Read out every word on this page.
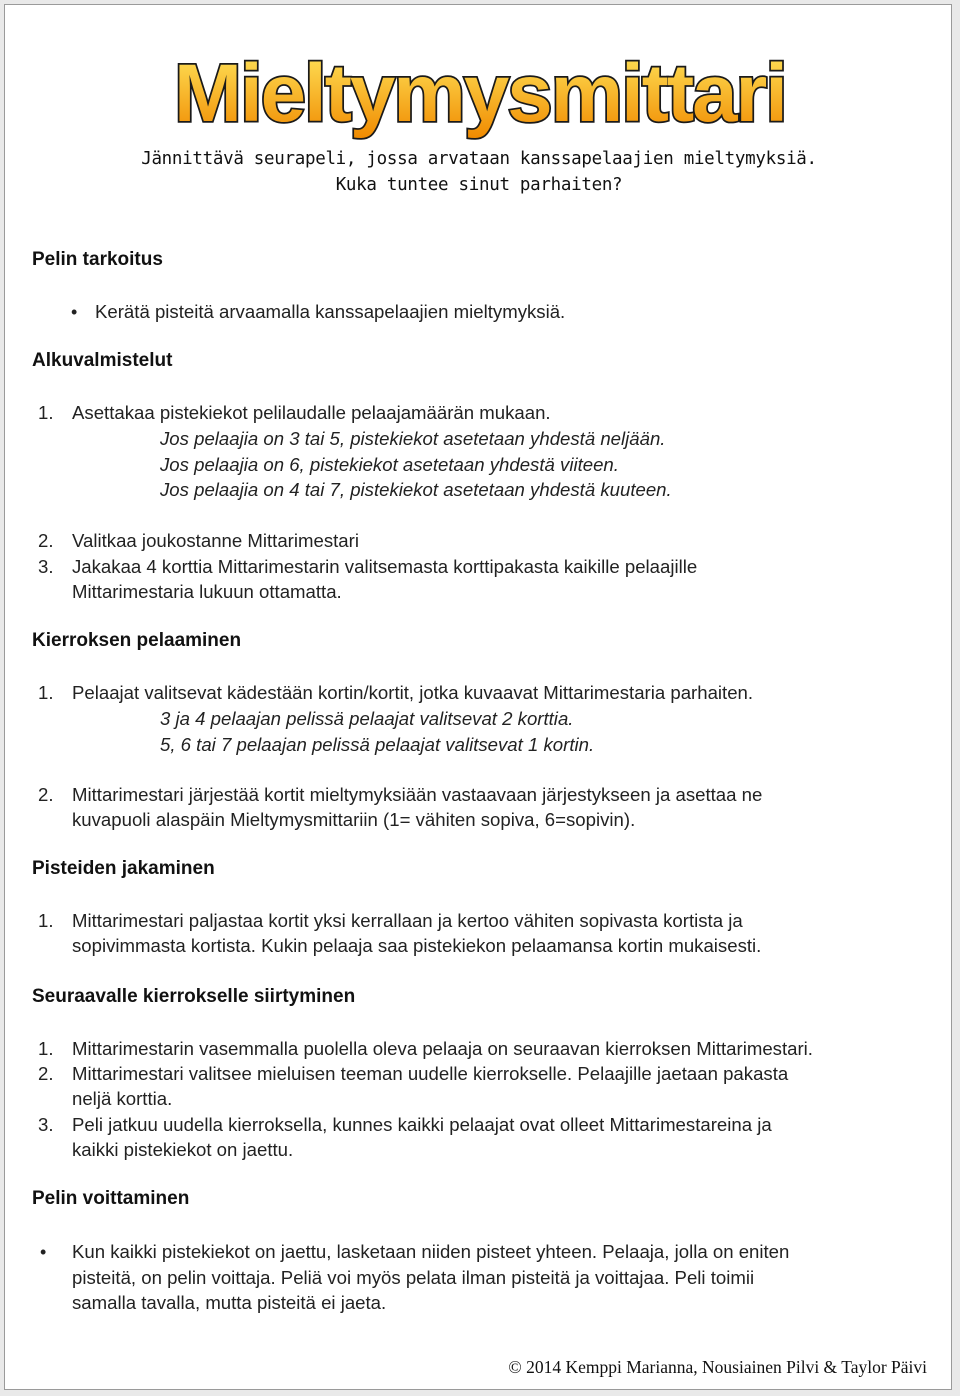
Mieltymysmittari
Jännittävä seurapeli, jossa arvataan kanssapelaajien mieltymyksiä.
Kuka tuntee sinut parhaiten?
Pelin tarkoitus
• Kerätä pisteitä arvaamalla kanssapelaajien mieltymyksiä.
Alkuvalmistelut
1. Asettakaa pistekiekot pelilaudalle pelaajamäärän mukaan.
Jos pelaajia on 3 tai 5, pistekiekot asetetaan yhdestä neljään.
Jos pelaajia on 6, pistekiekot asetetaan yhdestä viiteen.
Jos pelaajia on 4 tai 7, pistekiekot asetetaan yhdestä kuuteen.
2. Valitkaa joukostanne Mittarimestari
3. Jakakaa 4 korttia Mittarimestarin valitsemasta korttipakasta kaikille pelaajille
Mittarimestaria lukuun ottamatta.
Kierroksen pelaaminen
1. Pelaajat valitsevat kädestään kortin/kortit, jotka kuvaavat Mittarimestaria parhaiten.
3 ja 4 pelaajan pelissä pelaajat valitsevat 2 korttia.
5, 6 tai 7 pelaajan pelissä pelaajat valitsevat 1 kortin.
2. Mittarimestari järjestää kortit mieltymyksiään vastaavaan järjestykseen ja asettaa ne
kuvapuoli alaspäin Mieltymysmittariin (1= vähiten sopiva, 6=sopivin).
Pisteiden jakaminen
1. Mittarimestari paljastaa kortit yksi kerrallaan ja kertoo vähiten sopivasta kortista ja
sopivimmasta kortista. Kukin pelaaja saa pistekiekon pelaamansa kortin mukaisesti.
Seuraavalle kierrokselle siirtyminen
1. Mittarimestarin vasemmalla puolella oleva pelaaja on seuraavan kierroksen Mittarimestari.
2. Mittarimestari valitsee mieluisen teeman uudelle kierrokselle. Pelaajille jaetaan pakasta
neljä korttia.
3. Peli jatkuu uudella kierroksella, kunnes kaikki pelaajat ovat olleet Mittarimestareina ja
kaikki pistekiekot on jaettu.
Pelin voittaminen
• Kun kaikki pistekiekot on jaettu, lasketaan niiden pisteet yhteen. Pelaaja, jolla on eniten
pisteitä, on pelin voittaja. Peliä voi myös pelata ilman pisteitä ja voittajaa. Peli toimii
samalla tavalla, mutta pisteitä ei jaeta.
© 2014 Kemppi Marianna, Nousiainen Pilvi & Taylor Päivi
